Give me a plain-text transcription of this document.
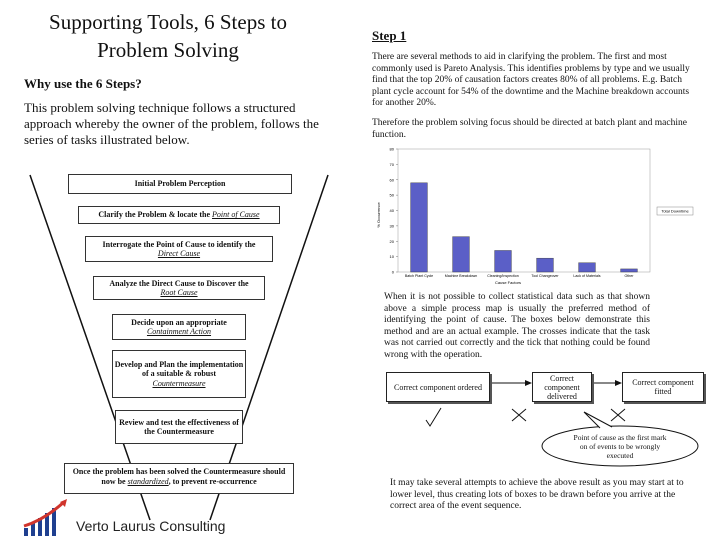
Supporting Tools, 6 Steps to Problem Solving
Why use the 6 Steps?
This problem solving technique follows a structured approach whereby the owner of the problem, follows the series of tasks illustrated below.
Initial Problem Perception
Clarify the Problem & locate the
Point of Cause
Interrogate the Point of Cause to identify the
Direct Cause
Analyze the Direct Cause to Discover the
Root Cause
Decide upon an appropriate
Containment Action
Develop and Plan the implementation of a suitable & robust
Countermeasure
Review and test the effectiveness of the Countermeasure
Once the problem has been solved the Countermeasure should now be standardized, to prevent re-occurrence
Verto Laurus Consulting
Step 1
There are several methods to aid in clarifying the problem. The first and most commonly used is Pareto Analysis. This identifies problems by type and we usually find that the top 20% of causation factors creates 80% of all problems. E.g. Batch plant cycle account for 54% of the downtime and the Machine breakdown accounts for another 20%.
Therefore the problem solving focus should be directed at batch plant and machine function.
% Occurrence
Cause Factors
Total Downtime
0
10
20
30
40
50
60
70
80
Batch Plant Cycle	Machine Breakdown	Cleaning/Inspection	Tool Changeover	Lack of Materials	Other
When it is not possible to collect statistical data such as that shown above a simple process map is usually the preferred method of identifying the point of cause. The boxes below demonstrate this method and are an actual example. The crosses indicate that the task was not carried out correctly and the tick that nothing could be found wrong with the operation.
Correct component ordered
Correct component delivered
Correct component fitted
Point of cause as the first mark on of events to be wrongly executed
It may take several attempts to achieve the above result as you may start at to lower level, thus creating lots of boxes to be drawn before you arrive at the correct area of the event sequence.
